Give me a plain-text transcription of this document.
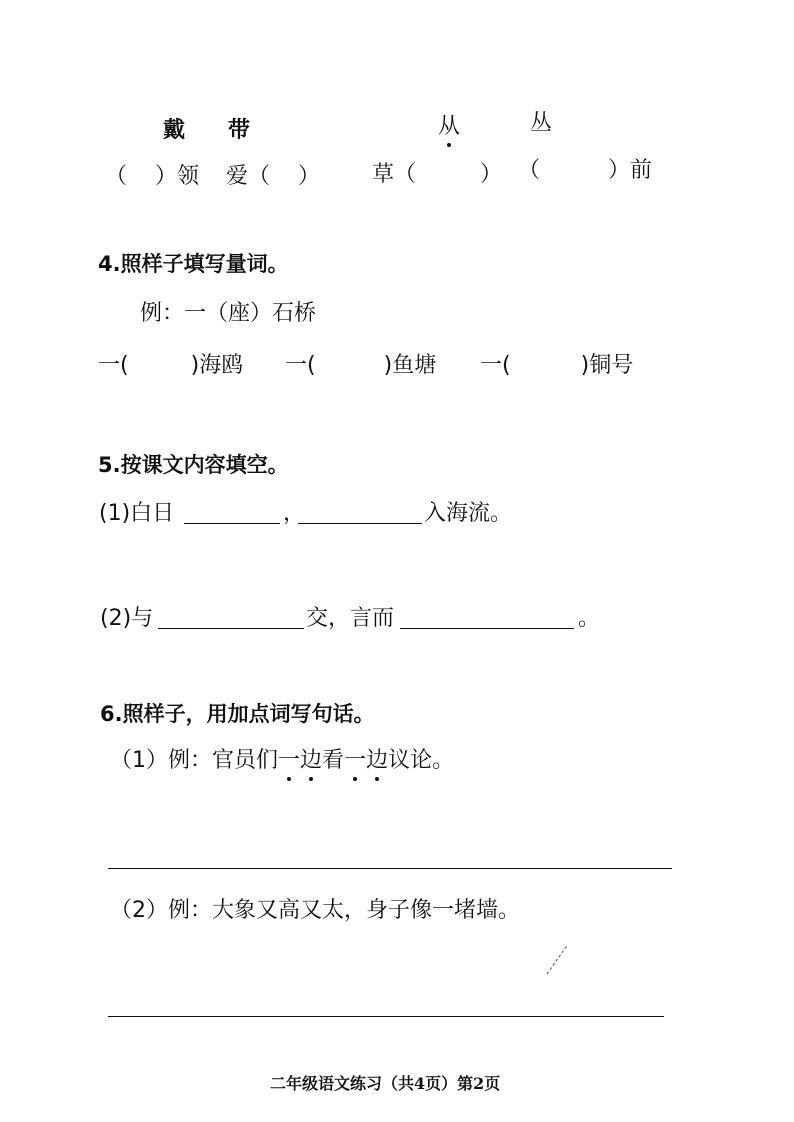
戴 带	从	丛
（ ）领 爱（ ） 草（	） （	）前
4.照样子填写量词。
例：一（座）石桥
一(	)海鸥 一(	)鱼塘 一(	)铜号
5.按课文内容填空。
(1)白日	，	入海流。
(2)与	交，言而	。
6.照样子，用加点词写句话。
（1）例：官员们一边看一边议论。
（2）例：大象又高又太，身子像一堵墙。
二年级语文练习（共4页）第2页
